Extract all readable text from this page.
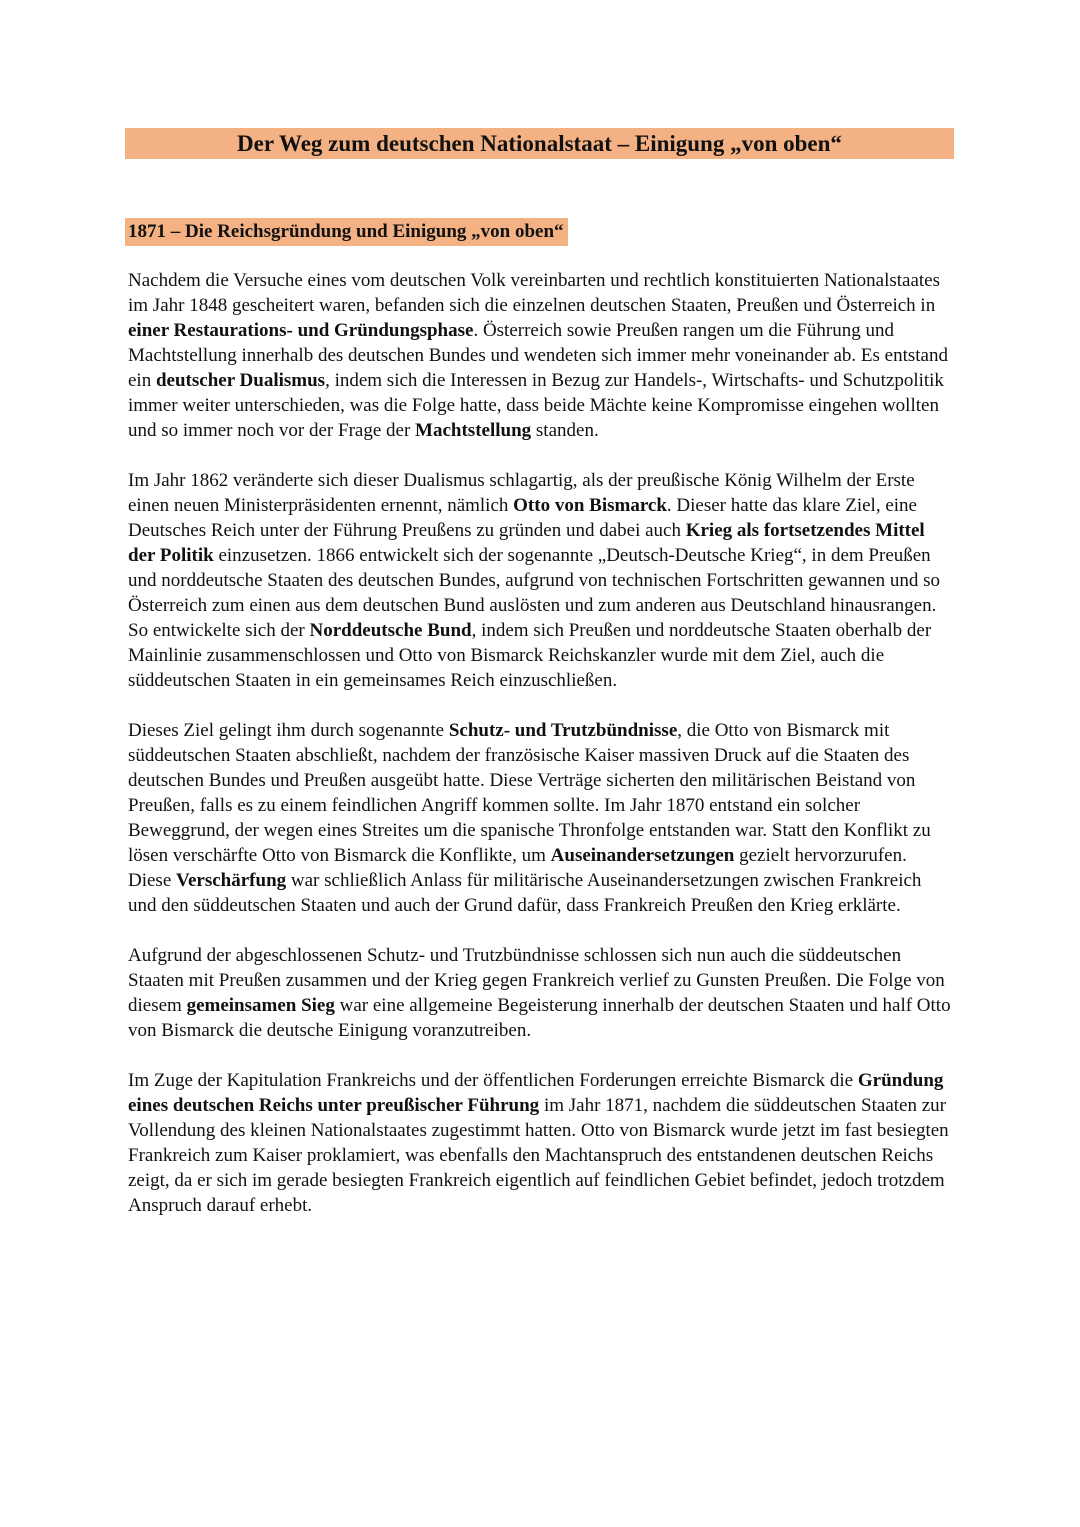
Der Weg zum deutschen Nationalstaat – Einigung „von oben“
1871 – Die Reichsgründung und Einigung „von oben“

Nachdem die Versuche eines vom deutschen Volk vereinbarten und rechtlich konstituierten Nationalstaates im Jahr 1848 gescheitert waren, befanden sich die einzelnen deutschen Staaten, Preußen und Österreich in einer Restaurations- und Gründungsphase. Österreich sowie Preußen rangen um die Führung und Machtstellung innerhalb des deutschen Bundes und wendeten sich immer mehr voneinander ab. Es entstand ein deutscher Dualismus, indem sich die Interessen in Bezug zur Handels-, Wirtschafts- und Schutzpolitik immer weiter unterschieden, was die Folge hatte, dass beide Mächte keine Kompromisse eingehen wollten und so immer noch vor der Frage der Machtstellung standen.

Im Jahr 1862 veränderte sich dieser Dualismus schlagartig, als der preußische König Wilhelm der Erste einen neuen Ministerpräsidenten ernennt, nämlich Otto von Bismarck. Dieser hatte das klare Ziel, eine Deutsches Reich unter der Führung Preußens zu gründen und dabei auch Krieg als fortsetzendes Mittel der Politik einzusetzen. 1866 entwickelt sich der sogenannte „Deutsch-Deutsche Krieg“, in dem Preußen und norddeutsche Staaten des deutschen Bundes, aufgrund von technischen Fortschritten gewannen und so Österreich zum einen aus dem deutschen Bund auslösten und zum anderen aus Deutschland hinausrangen. So entwickelte sich der Norddeutsche Bund, indem sich Preußen und norddeutsche Staaten oberhalb der Mainlinie zusammenschlossen und Otto von Bismarck Reichskanzler wurde mit dem Ziel, auch die süddeutschen Staaten in ein gemeinsames Reich einzuschließen.

Dieses Ziel gelingt ihm durch sogenannte Schutz- und Trutzbündnisse, die Otto von Bismarck mit süddeutschen Staaten abschließt, nachdem der französische Kaiser massiven Druck auf die Staaten des deutschen Bundes und Preußen ausgeübt hatte. Diese Verträge sicherten den militärischen Beistand von Preußen, falls es zu einem feindlichen Angriff kommen sollte. Im Jahr 1870 entstand ein solcher Beweggrund, der wegen eines Streites um die spanische Thronfolge entstanden war. Statt den Konflikt zu lösen verschärfte Otto von Bismarck die Konflikte, um Auseinandersetzungen gezielt hervorzurufen. Diese Verschärfung war schließlich Anlass für militärische Auseinandersetzungen zwischen Frankreich und den süddeutschen Staaten und auch der Grund dafür, dass Frankreich Preußen den Krieg erklärte.

Aufgrund der abgeschlossenen Schutz- und Trutzbündnisse schlossen sich nun auch die süddeutschen Staaten mit Preußen zusammen und der Krieg gegen Frankreich verlief zu Gunsten Preußen. Die Folge von diesem gemeinsamen Sieg war eine allgemeine Begeisterung innerhalb der deutschen Staaten und half Otto von Bismarck die deutsche Einigung voranzutreiben.

Im Zuge der Kapitulation Frankreichs und der öffentlichen Forderungen erreichte Bismarck die Gründung eines deutschen Reichs unter preußischer Führung im Jahr 1871, nachdem die süddeutschen Staaten zur Vollendung des kleinen Nationalstaates zugestimmt hatten. Otto von Bismarck wurde jetzt im fast besiegten Frankreich zum Kaiser proklamiert, was ebenfalls den Machtanspruch des entstandenen deutschen Reichs zeigt, da er sich im gerade besiegten Frankreich eigentlich auf feindlichen Gebiet befindet, jedoch trotzdem Anspruch darauf erhebt.
